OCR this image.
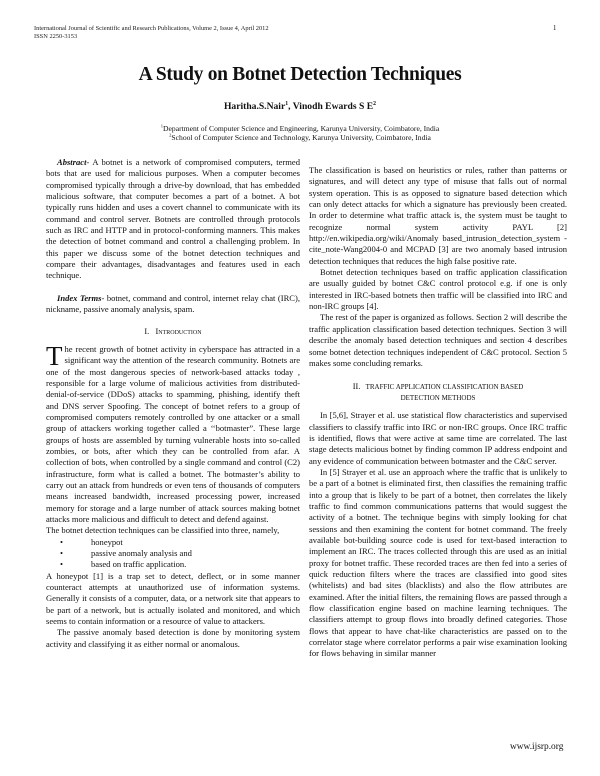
International Journal of Scientific and Research Publications, Volume 2, Issue 4, April 2012
ISSN 2250-3153
1
A Study on Botnet Detection Techniques
Haritha.S.Nair$^1$, Vinodh Ewards S $E^2$
$^1$Department of Computer Science and Engineering, Karunya University, Coimbatore, India
$^2$School of Computer Science and Technology, Karunya University, Coimbatore, India

Abstract- A botnet is a network of compromised computers, termed bots that are used for malicious purposes. When a computer becomes compromised typically through a drive-by download, that has embedded malicious software, that computer becomes a part of a botnet. A bot typically runs hidden and uses a covert channel to communicate with its command and control server. Botnets are controlled through protocols such as IRC and HTTP and in protocol-conforming manners. This makes the detection of botnet command and control a challenging problem. In this paper we discuss some of the botnet detection techniques and compare their advantages, disadvantages and features used in each technique.

Index Terms- botnet, command and control, internet relay chat (IRC), nickname, passive anomaly analysis, spam.

I. Introduction

The recent growth of botnet activity in cyberspace has attracted in a significant way the attention of the research community. Botnets are one of the most dangerous species of network-based attacks today , responsible for a large volume of malicious activities from distributed-denial-of-service (DDoS) attacks to spamming, phishing, identify theft and DNS server Spoofing. The concept of botnet refers to a group of compromised computers remotely controlled by one attacker or a small group of attackers working together called a ‘‘botmaster”. These large groups of hosts are assembled by turning vulnerable hosts into so-called zombies, or bots, after which they can be controlled from afar. A collection of bots, when controlled by a single command and control (C2) infrastructure, form what is called a botnet. The botmaster’s ability to carry out an attack from hundreds or even tens of thousands of computers means increased bandwidth, increased processing power, increased memory for storage and a large number of attack sources making botnet attacks more malicious and difficult to detect and defend against.

The botnet detection techniques can be classified into three, namely,

•	honeypot
•	passive anomaly analysis and
•	based on traffic application.

A honeypot [1] is a trap set to detect, deflect, or in some manner counteract attempts at unauthorized use of information systems. Generally it consists of a computer, data, or a network site that appears to be part of a network, but is actually isolated and monitored, and which seems to contain information or a resource of value to attackers.

The passive anomaly based detection is done by monitoring system activity and classifying it as either normal or anomalous.

The classification is based on heuristics or rules, rather than patterns or signatures, and will detect any type of misuse that falls out of normal system operation. This is as opposed to signature based detection which can only detect attacks for which a signature has previously been created. In order to determine what traffic attack is, the system must be taught to recognize normal system activity PAYL [2] http://en.wikipedia.org/wiki/Anomaly based_intrusion_detection_system - cite_note-Wang2004-0 and MCPAD [3] are two anomaly based intrusion detection techniques that reduces the high false positive rate.

Botnet detection techniques based on traffic application classification are usually guided by botnet C&C control protocol e.g. if one is only interested in IRC-based botnets then traffic will be classified into IRC and non-IRC groups [4].

The rest of the paper is organized as follows. Section 2 will describe the traffic application classification based detection techniques. Section 3 will describe the anomaly based detection techniques and section 4 describes some botnet detection techniques independent of C&C protocol. Section 5 makes some concluding remarks.

II. TRAFFIC APPLICATION CLASSIFICATION BASED
DETECTION METHODS

In [5,6], Strayer et al. use statistical flow characteristics and supervised classifiers to classify traffic into IRC or non-IRC groups. Once IRC traffic is identified, flows that were active at same time are correlated. The last stage detects malicious botnet by finding common IP address endpoint and any evidence of communication between botmaster and the C&C server.

In [5] Strayer et al. use an approach where the traffic that is unlikely to be a part of a botnet is eliminated first, then classifies the remaining traffic into a group that is likely to be part of a botnet, then correlates the likely traffic to find common communications patterns that would suggest the activity of a botnet. The technique begins with simply looking for chat sessions and then examining the content for botnet command. The freely available bot-building source code is used for text-based interaction to implement an IRC. The traces collected through this are used as an initial proxy for botnet traffic. These recorded traces are then fed into a series of quick reduction filters where the traces are classified into good sites (whitelists) and bad sites (blacklists) and also the flow attributes are examined. After the initial filters, the remaining flows are passed through a flow classification engine based on machine learning techniques. The classifiers attempt to group flows into broadly defined categories. Those flows that appear to have chat-like characteristics are passed on to the correlator stage where correlator performs a pair wise examination looking for flows behaving in similar manner

www.ijsrp.org
